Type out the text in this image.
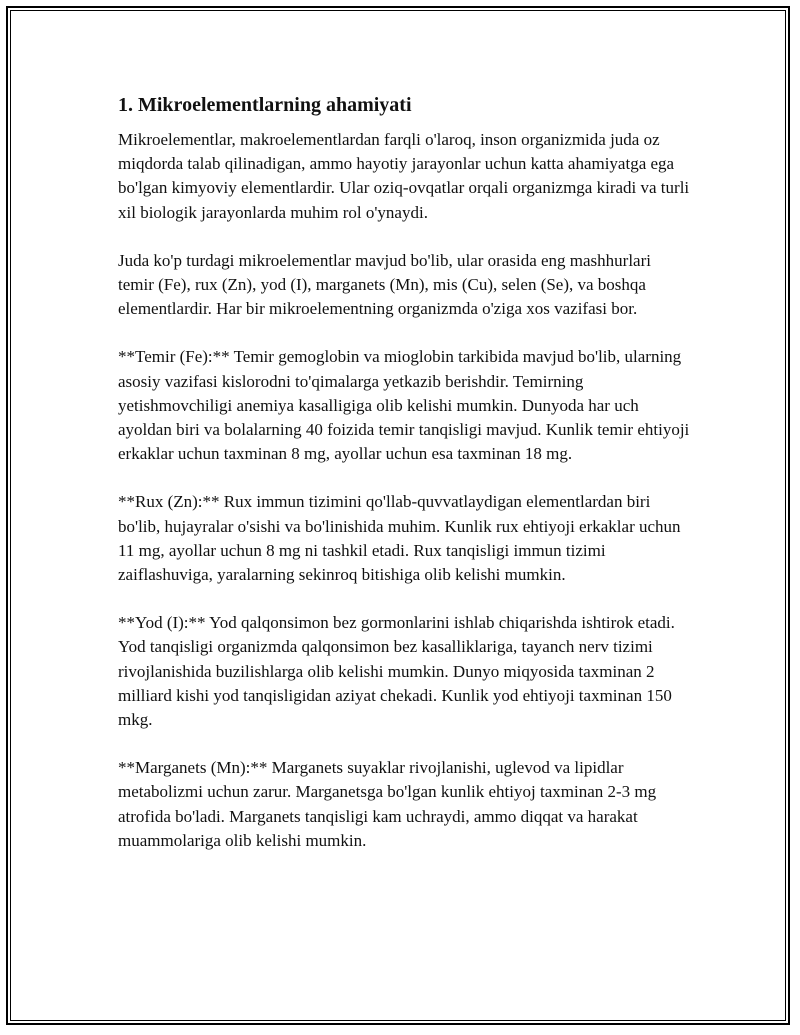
1. Mikroelementlarning ahamiyati

Mikroelementlar, makroelementlardan farqli o'laroq, inson organizmida juda oz miqdorda talab qilinadigan, ammo hayotiy jarayonlar uchun katta ahamiyatga ega bo'lgan kimyoviy elementlardir. Ular oziq-ovqatlar orqali organizmga kiradi va turli xil biologik jarayonlarda muhim rol o'ynaydi.

Juda ko'p turdagi mikroelementlar mavjud bo'lib, ular orasida eng mashhurlari temir (Fe), rux (Zn), yod (I), marganets (Mn), mis (Cu), selen (Se), va boshqa elementlardir. Har bir mikroelementning organizmda o'ziga xos vazifasi bor.

**Temir (Fe):** Temir gemoglobin va mioglobin tarkibida mavjud bo'lib, ularning asosiy vazifasi kislorodni to'qimalarga yetkazib berishdir. Temirning yetishmovchiligi anemiya kasalligiga olib kelishi mumkin. Dunyoda har uch ayoldan biri va bolalarning 40 foizida temir tanqisligi mavjud. Kunlik temir ehtiyoji erkaklar uchun taxminan 8 mg, ayollar uchun esa taxminan 18 mg.

**Rux (Zn):** Rux immun tizimini qo'llab-quvvatlaydigan elementlardan biri bo'lib, hujayralar o'sishi va bo'linishida muhim. Kunlik rux ehtiyoji erkaklar uchun 11 mg, ayollar uchun 8 mg ni tashkil etadi. Rux tanqisligi immun tizimi zaiflashuviga, yaralarning sekinroq bitishiga olib kelishi mumkin.

**Yod (I):** Yod qalqonsimon bez gormonlarini ishlab chiqarishda ishtirok etadi. Yod tanqisligi organizmda qalqonsimon bez kasalliklariga, tayanch nerv tizimi rivojlanishida buzilishlarga olib kelishi mumkin. Dunyo miqyosida taxminan 2 milliard kishi yod tanqisligidan aziyat chekadi. Kunlik yod ehtiyoji taxminan 150 mkg.

**Marganets (Mn):** Marganets suyaklar rivojlanishi, uglevod va lipidlar metabolizmi uchun zarur. Marganetsga bo'lgan kunlik ehtiyoj taxminan 2-3 mg atrofida bo'ladi. Marganets tanqisligi kam uchraydi, ammo diqqat va harakat muammolariga olib kelishi mumkin.
